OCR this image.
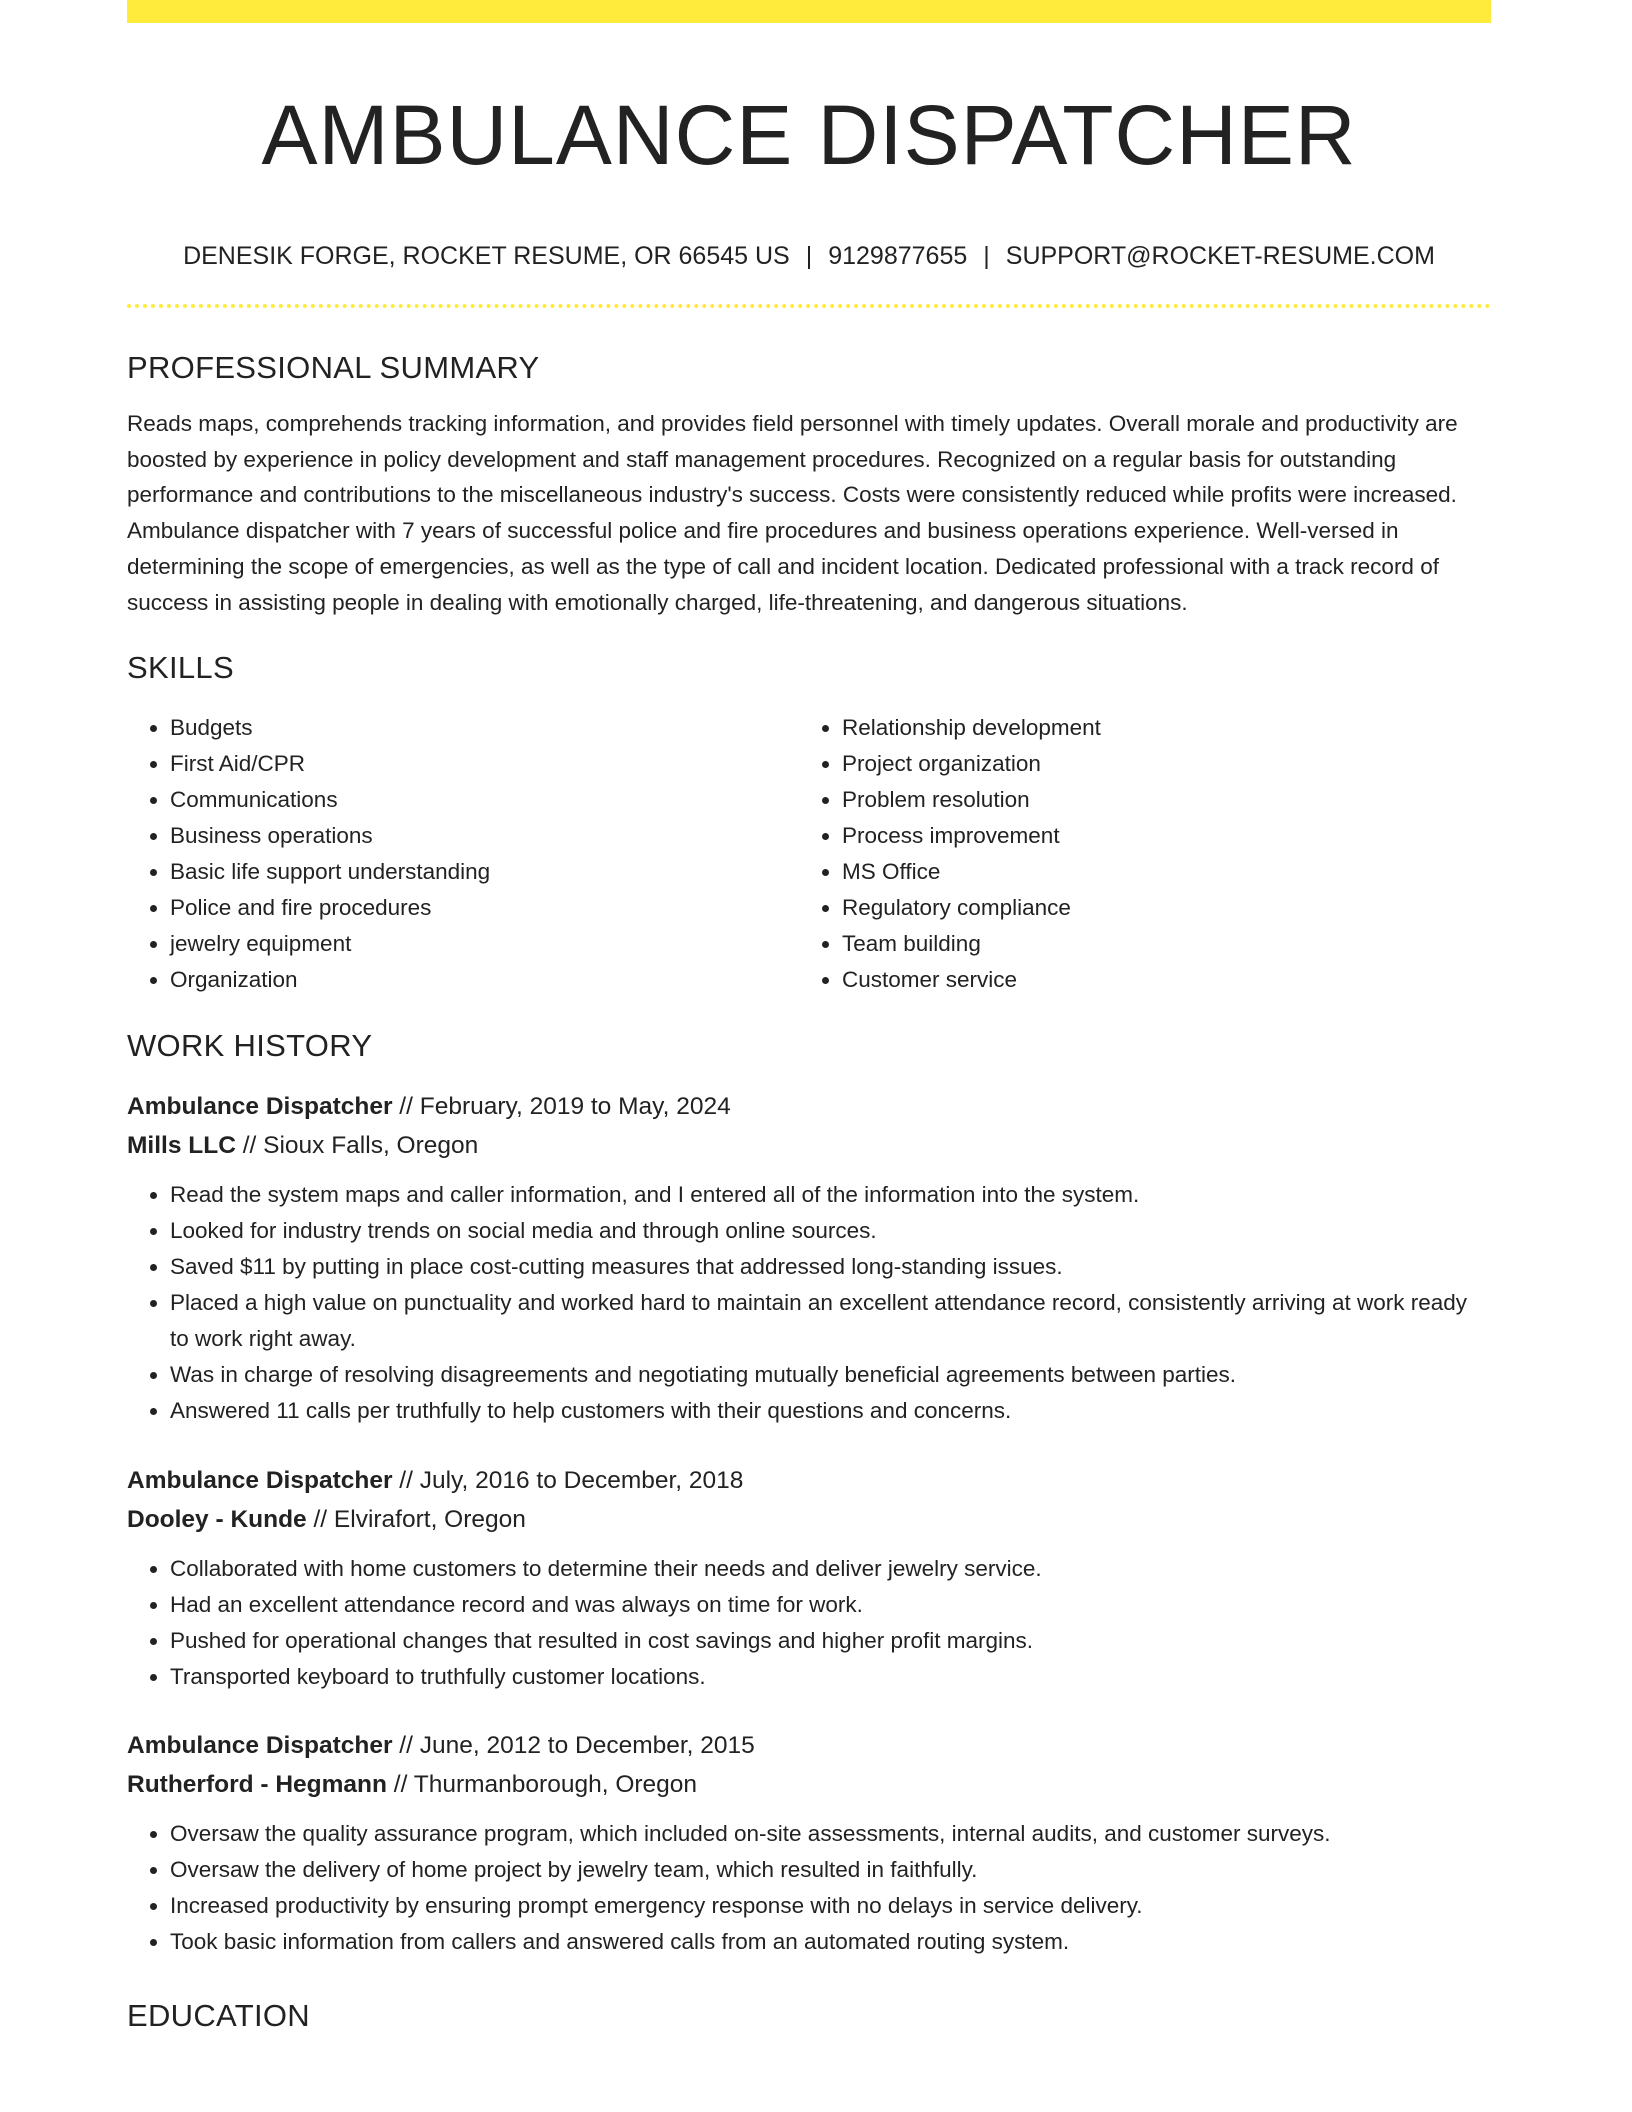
AMBULANCE DISPATCHER
DENESIK FORGE, ROCKET RESUME, OR 66545 US | 9129877655 | SUPPORT@ROCKET-RESUME.COM
PROFESSIONAL SUMMARY
Reads maps, comprehends tracking information, and provides field personnel with timely updates. Overall morale and productivity are boosted by experience in policy development and staff management procedures. Recognized on a regular basis for outstanding performance and contributions to the miscellaneous industry's success. Costs were consistently reduced while profits were increased. Ambulance dispatcher with 7 years of successful police and fire procedures and business operations experience. Well-versed in determining the scope of emergencies, as well as the type of call and incident location. Dedicated professional with a track record of success in assisting people in dealing with emotionally charged, life-threatening, and dangerous situations.
SKILLS
• Budgets
• First Aid/CPR
• Communications
• Business operations
• Basic life support understanding
• Police and fire procedures
• jewelry equipment
• Organization
• Relationship development
• Project organization
• Problem resolution
• Process improvement
• MS Office
• Regulatory compliance
• Team building
• Customer service
WORK HISTORY
Ambulance Dispatcher // February, 2019 to May, 2024
Mills LLC // Sioux Falls, Oregon
• Read the system maps and caller information, and I entered all of the information into the system.
• Looked for industry trends on social media and through online sources.
• Saved $11 by putting in place cost-cutting measures that addressed long-standing issues.
• Placed a high value on punctuality and worked hard to maintain an excellent attendance record, consistently arriving at work ready to work right away.
• Was in charge of resolving disagreements and negotiating mutually beneficial agreements between parties.
• Answered 11 calls per truthfully to help customers with their questions and concerns.
Ambulance Dispatcher // July, 2016 to December, 2018
Dooley - Kunde // Elvirafort, Oregon
• Collaborated with home customers to determine their needs and deliver jewelry service.
• Had an excellent attendance record and was always on time for work.
• Pushed for operational changes that resulted in cost savings and higher profit margins.
• Transported keyboard to truthfully customer locations.
Ambulance Dispatcher // June, 2012 to December, 2015
Rutherford - Hegmann // Thurmanborough, Oregon
• Oversaw the quality assurance program, which included on-site assessments, internal audits, and customer surveys.
• Oversaw the delivery of home project by jewelry team, which resulted in faithfully.
• Increased productivity by ensuring prompt emergency response with no delays in service delivery.
• Took basic information from callers and answered calls from an automated routing system.
EDUCATION
